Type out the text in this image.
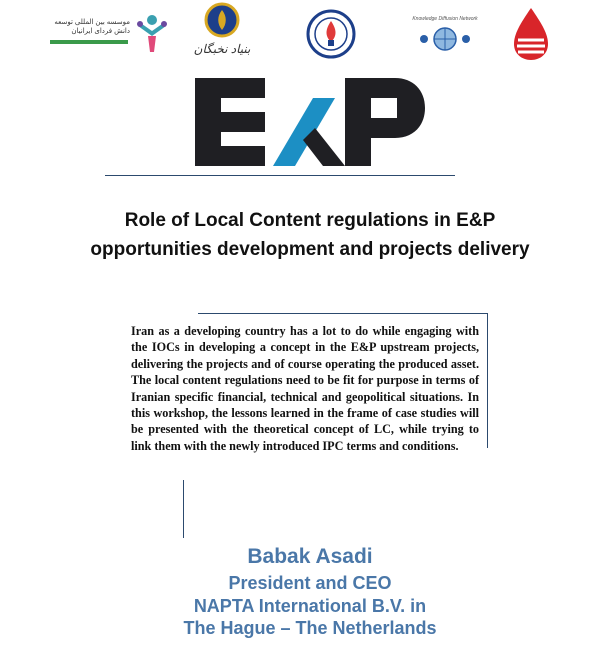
موسسه بین المللی توسعه دانش فردای ایرانیان
بنیاد نخبگان
Knowledge Diffusion Network
Role of Local Content regulations in E&P opportunities development and projects delivery
Iran as a developing country has a lot to do while engaging with the IOCs in developing a concept in the E&P upstream projects, delivering the projects and of course operating the produced asset. The local content regulations need to be fit for purpose in terms of Iranian specific financial, technical and geopolitical situations. In this workshop, the lessons learned in the frame of case studies will be presented with the theoretical concept of LC, while trying to link them with the newly introduced IPC terms and conditions.
Babak Asadi
President and CEO
NAPTA International B.V. in
The Hague – The Netherlands
